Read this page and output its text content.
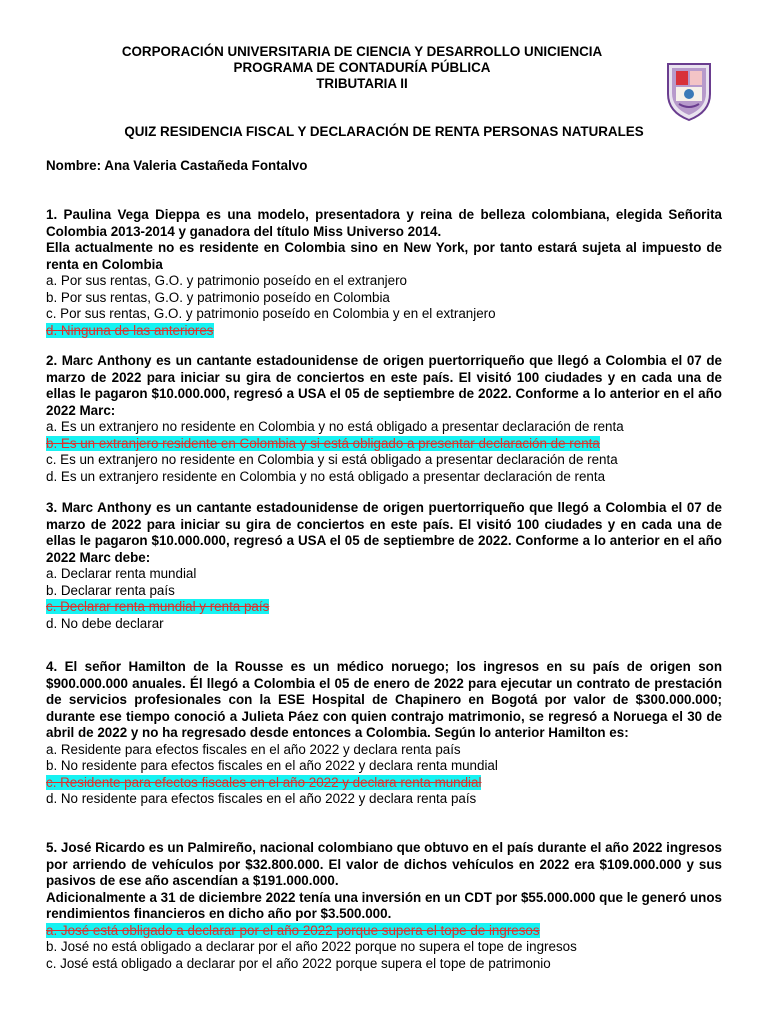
CORPORACIÓN UNIVERSITARIA DE CIENCIA Y DESARROLLO UNICIENCIA
PROGRAMA DE CONTADURÍA PÚBLICA
TRIBUTARIA II
QUIZ RESIDENCIA FISCAL Y DECLARACIÓN DE RENTA PERSONAS NATURALES
Nombre: Ana Valeria Castañeda Fontalvo
1. Paulina Vega Dieppa es una modelo, presentadora y reina de belleza colombiana, elegida Señorita Colombia 2013-2014 y ganadora del título Miss Universo 2014.
Ella actualmente no es residente en Colombia sino en New York, por tanto estará sujeta al impuesto de renta en Colombia
a. Por sus rentas, G.O. y patrimonio poseído en el extranjero
b. Por sus rentas, G.O. y patrimonio poseído en Colombia
c. Por sus rentas, G.O. y patrimonio poseído en Colombia y en el extranjero
d. Ninguna de las anteriores
2. Marc Anthony es un cantante estadounidense de origen puertorriqueño que llegó a Colombia el 07 de marzo de 2022 para iniciar su gira de conciertos en este país. El visitó 100 ciudades y en cada una de ellas le pagaron $10.000.000, regresó a USA el 05 de septiembre de 2022. Conforme a lo anterior en el año 2022 Marc:
a. Es un extranjero no residente en Colombia y no está obligado a presentar declaración de renta
b. Es un extranjero residente en Colombia y si está obligado a presentar declaración de renta
c. Es un extranjero no residente en Colombia y si está obligado a presentar declaración de renta
d. Es un extranjero residente en Colombia y no está obligado a presentar declaración de renta
3. Marc Anthony es un cantante estadounidense de origen puertorriqueño que llegó a Colombia el 07 de marzo de 2022 para iniciar su gira de conciertos en este país. El visitó 100 ciudades y en cada una de ellas le pagaron $10.000.000, regresó a USA el 05 de septiembre de 2022. Conforme a lo anterior en el año 2022 Marc debe:
a. Declarar renta mundial
b. Declarar renta país
c. Declarar renta mundial y renta país
d. No debe declarar
4. El señor Hamilton de la Rousse es un médico noruego; los ingresos en su país de origen son $900.000.000 anuales. Él llegó a Colombia el 05 de enero de 2022 para ejecutar un contrato de prestación de servicios profesionales con la ESE Hospital de Chapinero en Bogotá por valor de $300.000.000; durante ese tiempo conoció a Julieta Páez con quien contrajo matrimonio, se regresó a Noruega el 30 de abril de 2022 y no ha regresado desde entonces a Colombia. Según lo anterior Hamilton es:
a. Residente para efectos fiscales en el año 2022 y declara renta país
b. No residente para efectos fiscales en el año 2022 y declara renta mundial
c. Residente para efectos fiscales en el año 2022 y declara renta mundial
d. No residente para efectos fiscales en el año 2022 y declara renta país
5. José Ricardo es un Palmireño, nacional colombiano que obtuvo en el país durante el año 2022 ingresos por arriendo de vehículos por $32.800.000. El valor de dichos vehículos en 2022 era $109.000.000 y sus pasivos de ese año ascendían a $191.000.000.
Adicionalmente a 31 de diciembre 2022 tenía una inversión en un CDT por $55.000.000 que le generó unos rendimientos financieros en dicho año por $3.500.000.
a. José está obligado a declarar por el año 2022 porque supera el tope de ingresos
b. José no está obligado a declarar por el año 2022 porque no supera el tope de ingresos
c. José está obligado a declarar por el año 2022 porque supera el tope de patrimonio
